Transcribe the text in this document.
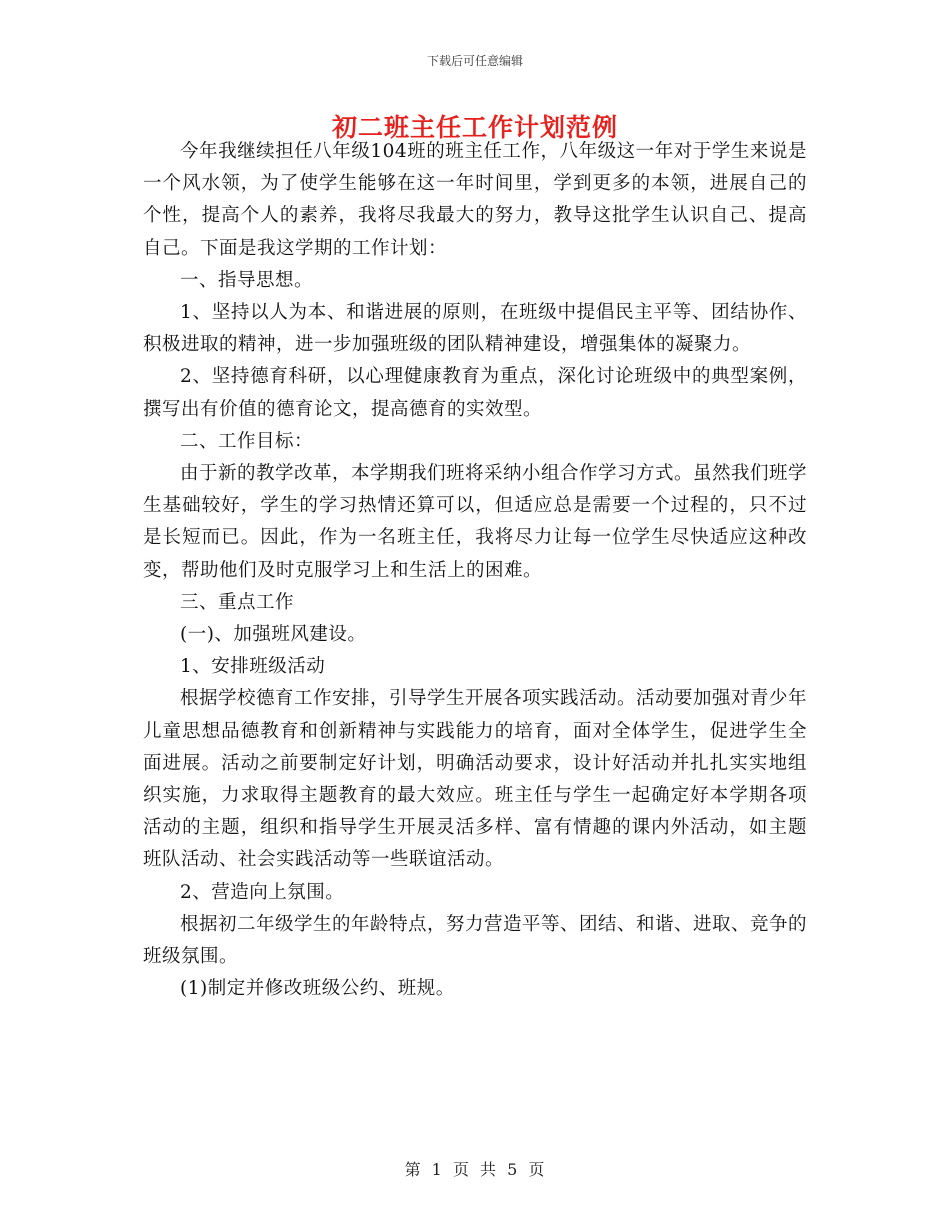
下载后可任意编辑
初二班主任工作计划范例

今年我继续担任八年级104班的班主任工作，八年级这一年对于学生来说是一个风水领，为了使学生能够在这一年时间里，学到更多的本领，进展自己的个性，提高个人的素养，我将尽我最大的努力，教导这批学生认识自己、提高自己。下面是我这学期的工作计划：

一、指导思想。

1、坚持以人为本、和谐进展的原则，在班级中提倡民主平等、团结协作、积极进取的精神，进一步加强班级的团队精神建设，增强集体的凝聚力。

2、坚持德育科研，以心理健康教育为重点，深化讨论班级中的典型案例，撰写出有价值的德育论文，提高德育的实效型。

二、工作目标：

由于新的教学改革，本学期我们班将采纳小组合作学习方式。虽然我们班学生基础较好，学生的学习热情还算可以，但适应总是需要一个过程的，只不过是长短而已。因此，作为一名班主任，我将尽力让每一位学生尽快适应这种改变，帮助他们及时克服学习上和生活上的困难。

三、重点工作

(一)、加强班风建设。

1、安排班级活动

根据学校德育工作安排，引导学生开展各项实践活动。活动要加强对青少年儿童思想品德教育和创新精神与实践能力的培育，面对全体学生，促进学生全面进展。活动之前要制定好计划，明确活动要求，设计好活动并扎扎实实地组织实施，力求取得主题教育的最大效应。班主任与学生一起确定好本学期各项活动的主题，组织和指导学生开展灵活多样、富有情趣的课内外活动，如主题班队活动、社会实践活动等一些联谊活动。

2、营造向上氛围。

根据初二年级学生的年龄特点，努力营造平等、团结、和谐、进取、竞争的班级氛围。

(1)制定并修改班级公约、班规。

第 1 页 共 5 页
